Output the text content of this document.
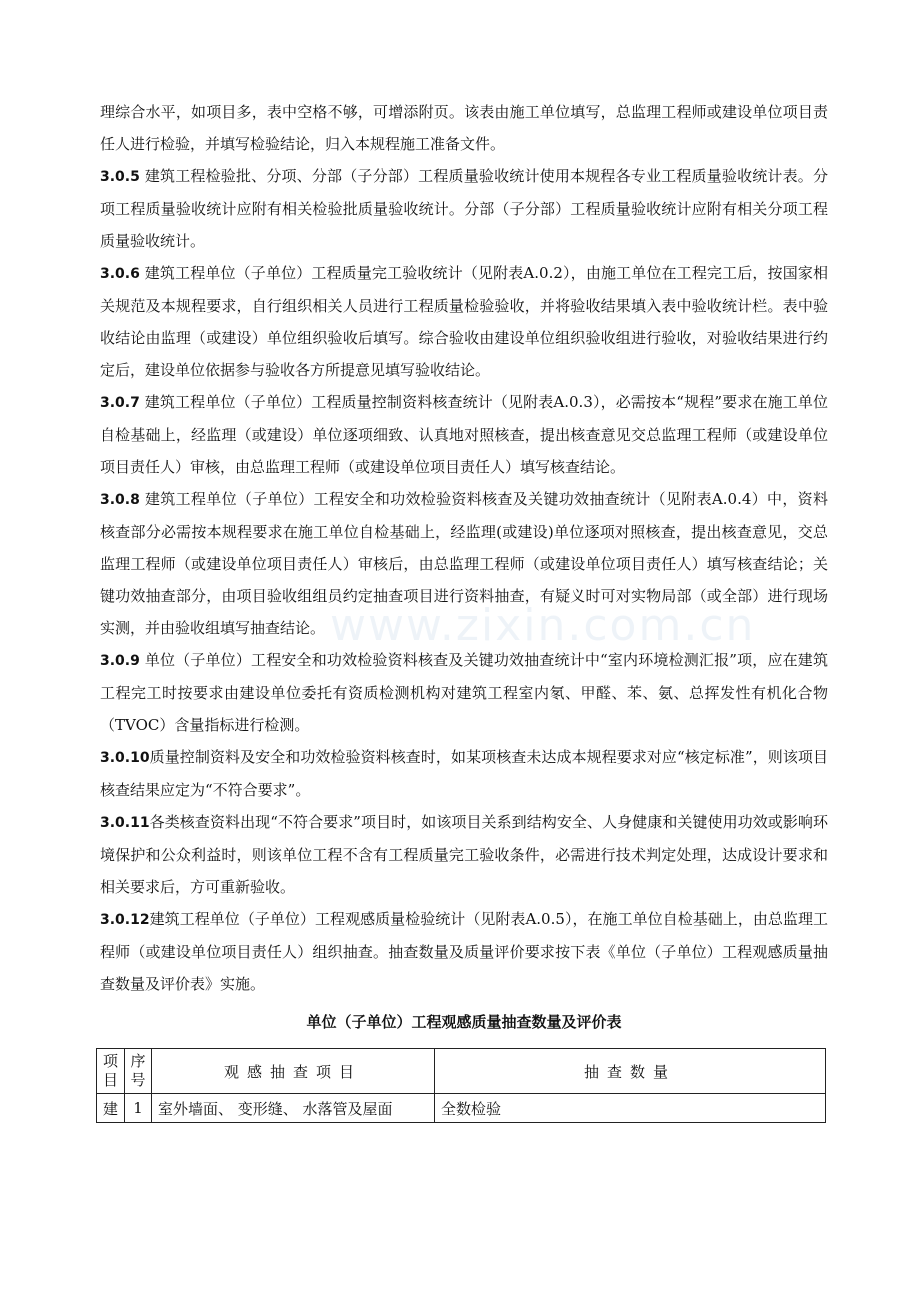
www.zixin.com.cn

理综合水平，如项目多，表中空格不够，可增添附页。该表由施工单位填写，总监理工程师或建设单位项目责任人进行检验，并填写检验结论，归入本规程施工准备文件。

3.0.5 建筑工程检验批、分项、分部（子分部）工程质量验收统计使用本规程各专业工程质量验收统计表。分项工程质量验收统计应附有相关检验批质量验收统计。分部（子分部）工程质量验收统计应附有相关分项工程质量验收统计。

3.0.6 建筑工程单位（子单位）工程质量完工验收统计（见附表A.0.2），由施工单位在工程完工后，按国家相关规范及本规程要求，自行组织相关人员进行工程质量检验验收，并将验收结果填入表中验收统计栏。表中验收结论由监理（或建设）单位组织验收后填写。综合验收由建设单位组织验收组进行验收，对验收结果进行约定后，建设单位依据参与验收各方所提意见填写验收结论。

3.0.7 建筑工程单位（子单位）工程质量控制资料核查统计（见附表A.0.3），必需按本“规程”要求在施工单位自检基础上，经监理（或建设）单位逐项细致、认真地对照核查，提出核查意见交总监理工程师（或建设单位项目责任人）审核，由总监理工程师（或建设单位项目责任人）填写核查结论。

3.0.8 建筑工程单位（子单位）工程安全和功效检验资料核查及关键功效抽查统计（见附表A.0.4）中，资料核查部分必需按本规程要求在施工单位自检基础上，经监理(或建设)单位逐项对照核查，提出核查意见，交总监理工程师（或建设单位项目责任人）审核后，由总监理工程师（或建设单位项目责任人）填写核查结论；关键功效抽查部分，由项目验收组组员约定抽查项目进行资料抽查，有疑义时可对实物局部（或全部）进行现场实测，并由验收组填写抽查结论。

3.0.9 单位（子单位）工程安全和功效检验资料核查及关键功效抽查统计中“室内环境检测汇报”项，应在建筑工程完工时按要求由建设单位委托有资质检测机构对建筑工程室内氡、甲醛、苯、氨、总挥发性有机化合物（TVOC）含量指标进行检测。

3.0.10质量控制资料及安全和功效检验资料核查时，如某项核查未达成本规程要求对应“核定标准”，则该项目核查结果应定为“不符合要求”。

3.0.11各类核查资料出现“不符合要求”项目时，如该项目关系到结构安全、人身健康和关键使用功效或影响环境保护和公众利益时，则该单位工程不含有工程质量完工验收条件，必需进行技术判定处理，达成设计要求和相关要求后，方可重新验收。

3.0.12建筑工程单位（子单位）工程观感质量检验统计（见附表A.0.5），在施工单位自检基础上，由总监理工程师（或建设单位项目责任人）组织抽查。抽查数量及质量评价要求按下表《单位（子单位）工程观感质量抽查数量及评价表》实施。

单位（子单位）工程观感质量抽查数量及评价表
项目	序号	观感抽查项目	抽查数量
建	1	室外墙面、 变形缝、 水落管及屋面	全数检验
